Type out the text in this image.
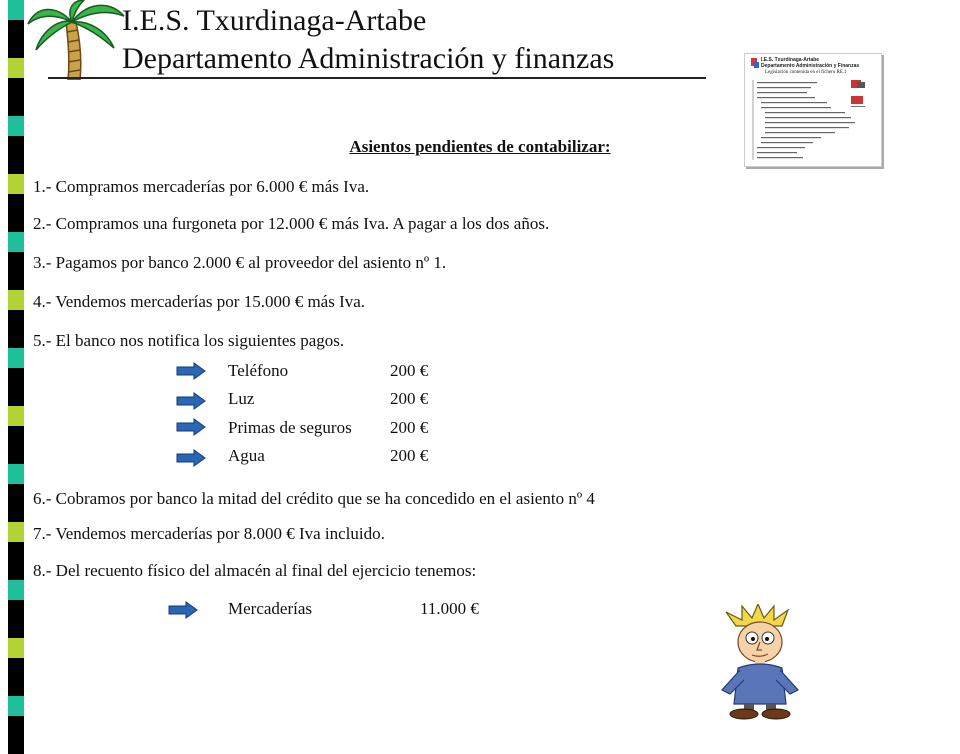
I.E.S. Txurdinaga-Artabe
Departamento Administración y finanzas	I.E.S. Txurdinaga-Artabe
Departamento Administración y Finanzas
Legislación contenida en el fichero RE.1
Asientos pendientes de contabilizar:
1.- Compramos mercaderías por 6.000 € más Iva.
2.- Compramos una furgoneta por 12.000 € más Iva. A pagar a los dos años.
3.- Pagamos por banco 2.000 € al proveedor del asiento nº 1.
4.- Vendemos mercaderías por 15.000 € más Iva.
5.- El banco nos notifica los siguientes pagos.
Teléfono	200 €
Luz	200 €
Primas de seguros 200 €
Agua	200 €
6.- Cobramos por banco la mitad del crédito que se ha concedido en el asiento nº 4
7.- Vendemos mercaderías por 8.000 € Iva incluido.
8.- Del recuento físico del almacén al final del ejercicio tenemos:
Mercaderías	11.000 €
